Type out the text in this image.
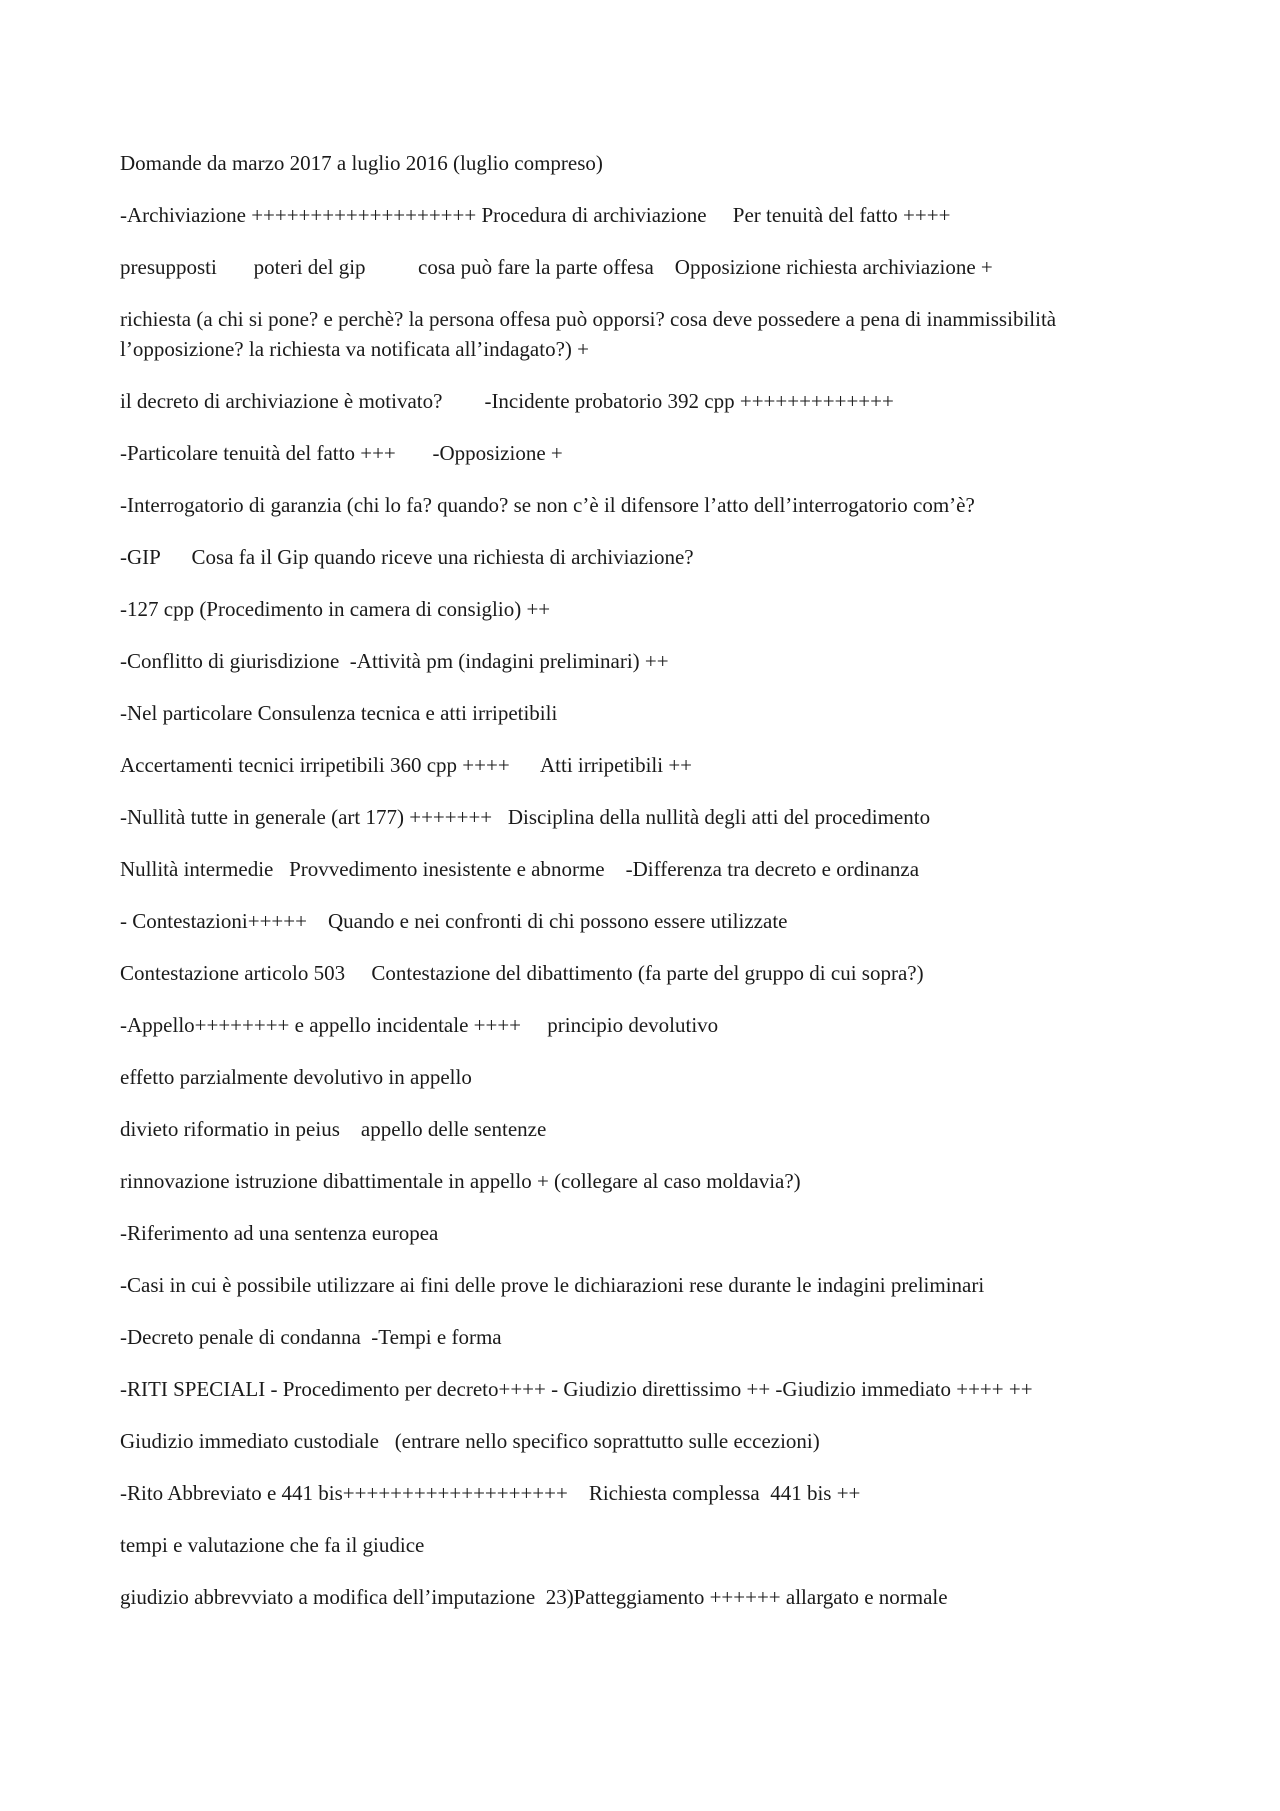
Domande da marzo 2017 a luglio 2016 (luglio compreso)

-Archiviazione +++++++++++++++++++ Procedura di archiviazione     Per tenuità del fatto ++++

presupposti       poteri del gip          cosa può fare la parte offesa    Opposizione richiesta archiviazione +

richiesta (a chi si pone? e perchè? la persona offesa può opporsi? cosa deve possedere a pena di inammissibilità l’opposizione? la richiesta va notificata all’indagato?) +

il decreto di archiviazione è motivato?        -Incidente probatorio 392 cpp +++++++++++++

-Particolare tenuità del fatto +++       -Opposizione +

-Interrogatorio di garanzia (chi lo fa? quando? se non c’è il difensore l’atto dell’interrogatorio com’è?

-GIP      Cosa fa il Gip quando riceve una richiesta di archiviazione?

-127 cpp (Procedimento in camera di consiglio) ++

-Conflitto di giurisdizione  -Attività pm (indagini preliminari) ++

-Nel particolare Consulenza tecnica e atti irripetibili

Accertamenti tecnici irripetibili 360 cpp ++++      Atti irripetibili ++

-Nullità tutte in generale (art 177) +++++++   Disciplina della nullità degli atti del procedimento

Nullità intermedie   Provvedimento inesistente e abnorme    -Differenza tra decreto e ordinanza

- Contestazioni+++++    Quando e nei confronti di chi possono essere utilizzate

Contestazione articolo 503     Contestazione del dibattimento (fa parte del gruppo di cui sopra?)

-Appello++++++++ e appello incidentale ++++     principio devolutivo

effetto parzialmente devolutivo in appello

divieto riformatio in peius    appello delle sentenze

rinnovazione istruzione dibattimentale in appello + (collegare al caso moldavia?)

-Riferimento ad una sentenza europea

-Casi in cui è possibile utilizzare ai fini delle prove le dichiarazioni rese durante le indagini preliminari

-Decreto penale di condanna  -Tempi e forma

-RITI SPECIALI - Procedimento per decreto++++ - Giudizio direttissimo ++ -Giudizio immediato ++++ ++

Giudizio immediato custodiale   (entrare nello specifico soprattutto sulle eccezioni)

-Rito Abbreviato e 441 bis+++++++++++++++++++    Richiesta complessa  441 bis ++

tempi e valutazione che fa il giudice

giudizio abbrevviato a modifica dell’imputazione  23)Patteggiamento ++++++ allargato e normale
